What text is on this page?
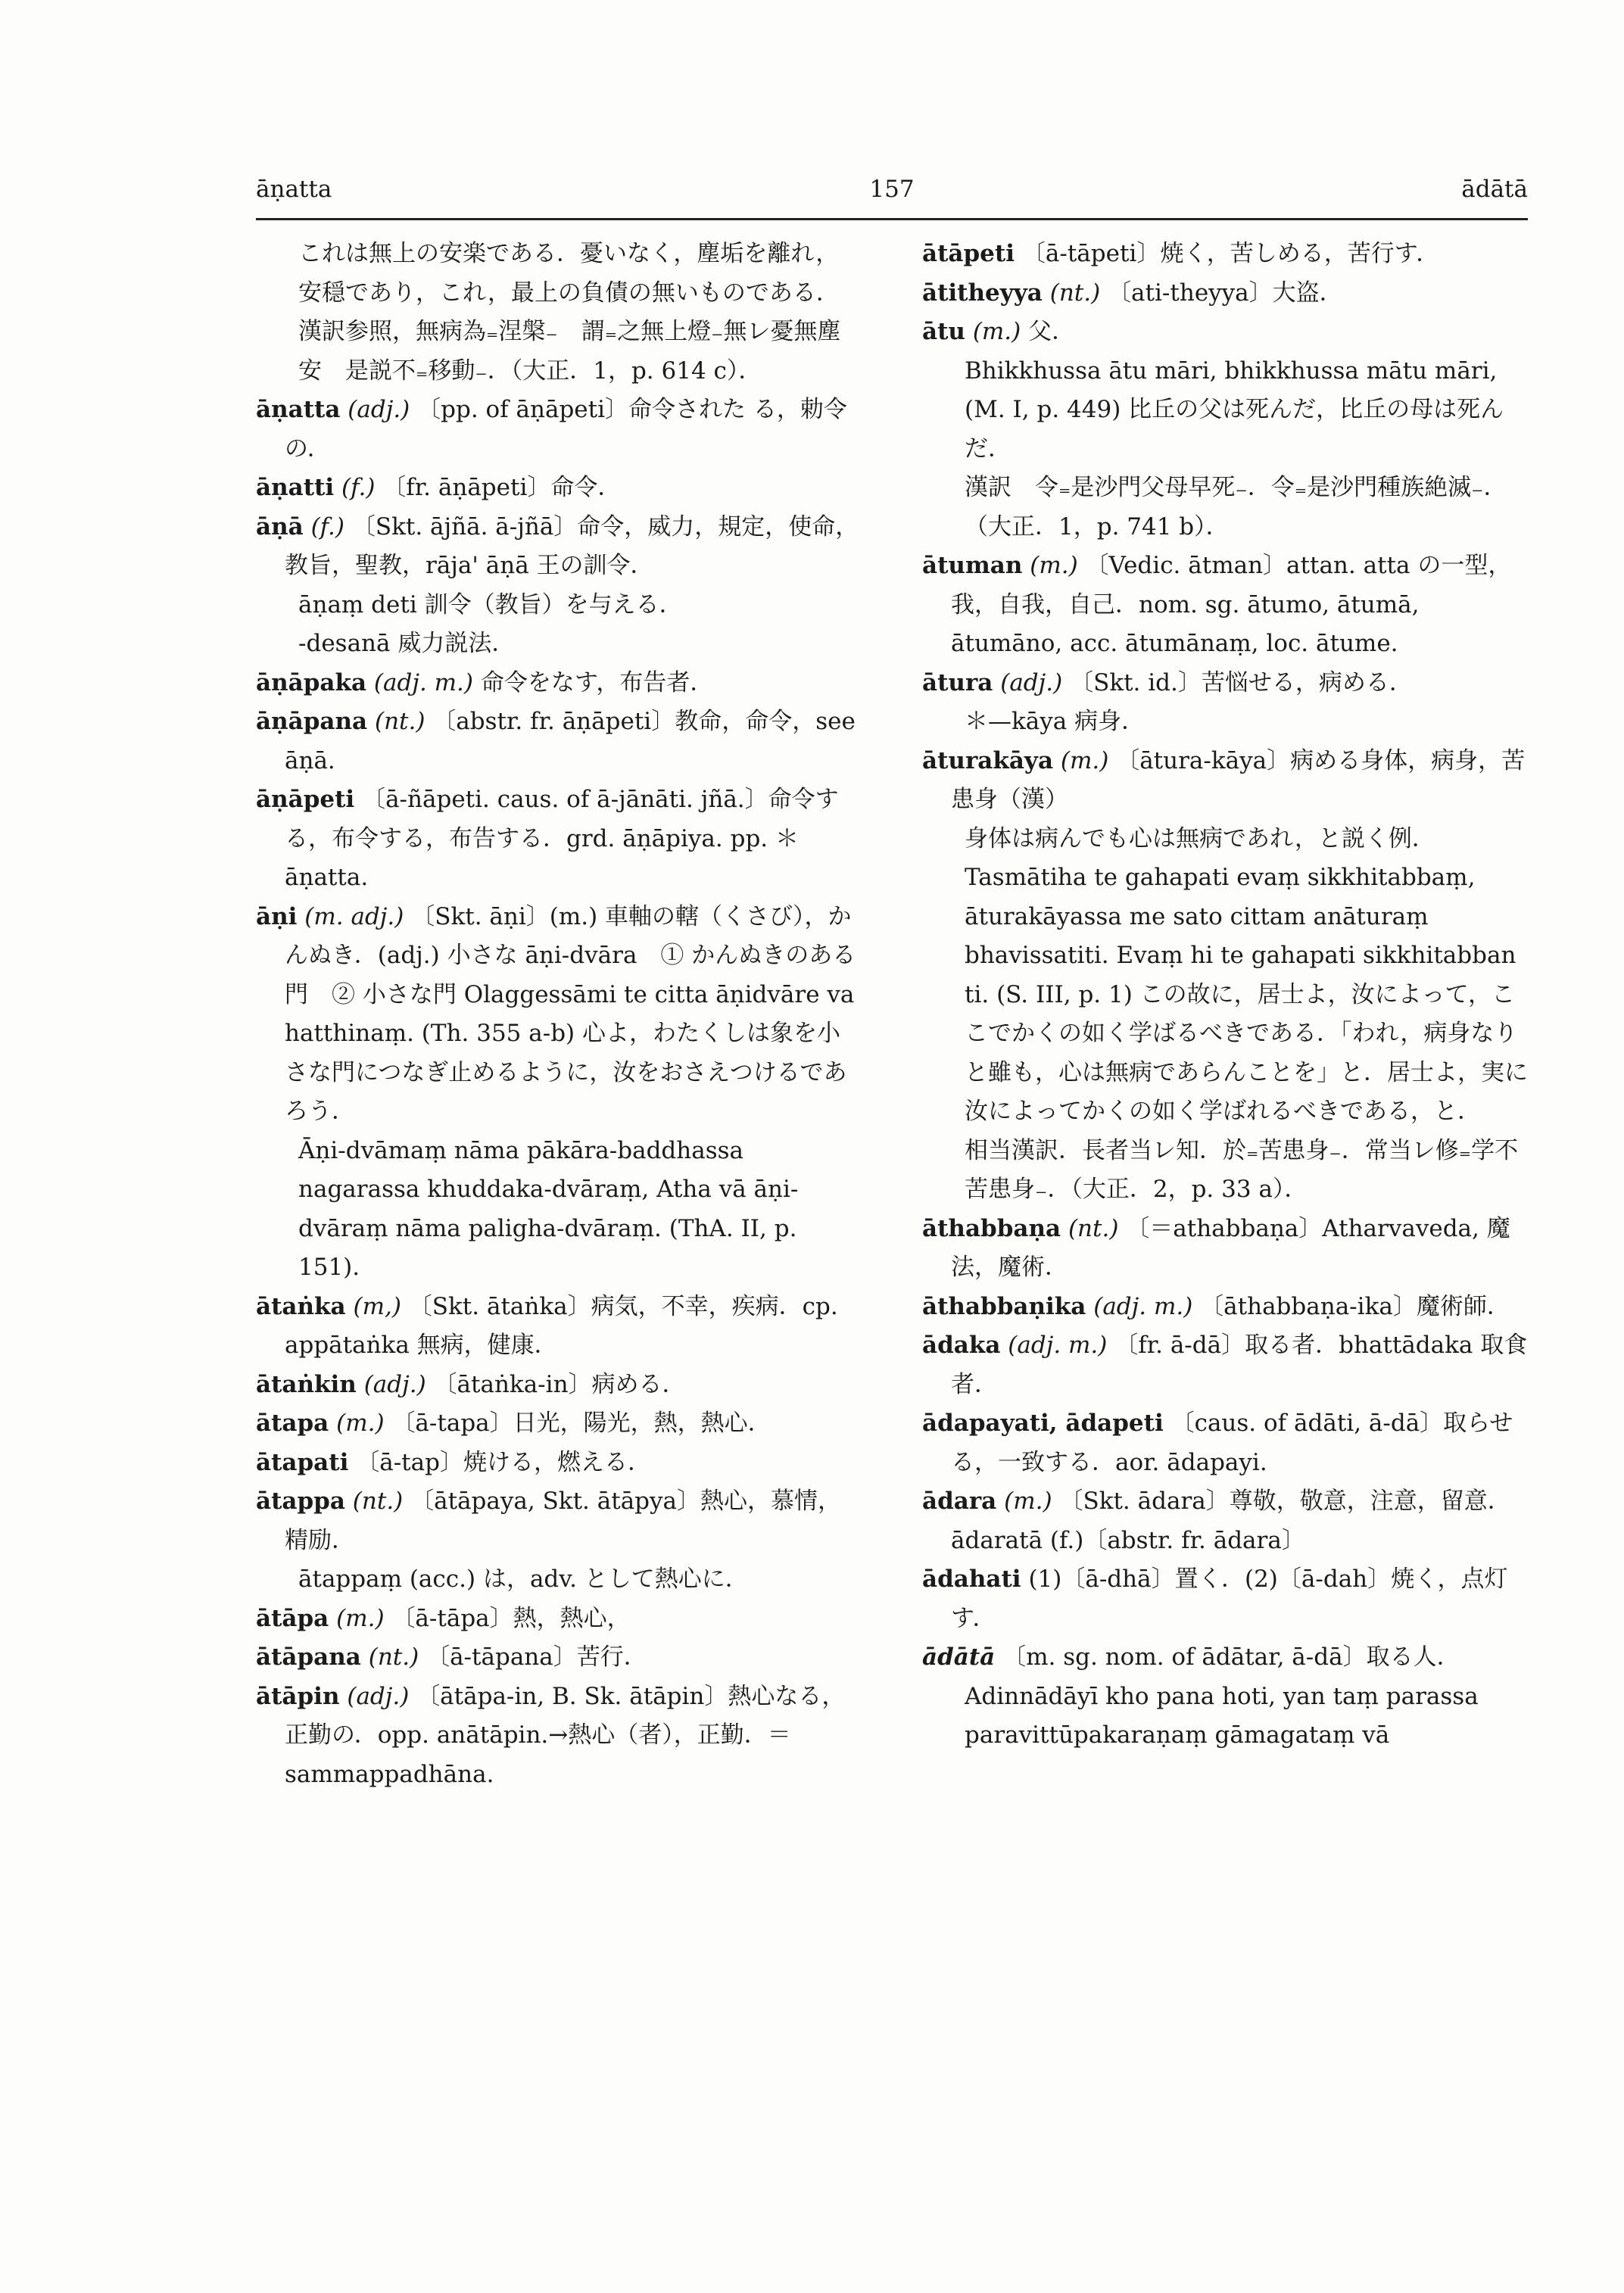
āṇatta	157	ādātā

これは無上の安楽である．憂いなく，塵垢を離れ，安穏であり，これ，最上の負債の無いものである．

漢訳参照，無病為₌涅槃₋　謂₌之無上燈₋無レ憂無塵安　是説不₌移動₋．（大正．1，p. 614 c）．

āṇatta (adj.) 〔pp. of āṇāpeti〕命令された る，勅令の．

āṇatti (f.) 〔fr. āṇāpeti〕命令．

āṇā (f.) 〔Skt. ājñā. ā-jñā〕命令，威力，規定，使命，教旨，聖教，rāja' āṇā 王の訓令．

āṇaṃ deti 訓令（教旨）を与える．

-desanā 威力説法．

āṇāpaka (adj. m.) 命令をなす，布告者．

āṇāpana (nt.) 〔abstr. fr. āṇāpeti〕教命，命令，see āṇā.

āṇāpeti 〔ā-ñāpeti. caus. of ā-jānāti. jñā.〕命令する，布令する，布告する．grd. āṇāpiya. pp. ＊āṇatta.

āṇi (m. adj.) 〔Skt. āṇi〕(m.) 車軸の轄（くさび），かんぬき．(adj.) 小さな āṇi-dvāra　① かんぬきのある門　② 小さな門 Olaggessāmi te citta āṇidvāre va hatthinaṃ. (Th. 355 a-b) 心よ，わたくしは象を小さな門につなぎ止めるように，汝をおさえつけるであろう．

Āṇi-dvāmaṃ nāma pākāra-baddhassa nagarassa khuddaka-dvāraṃ, Atha vā āṇi-dvāraṃ nāma paligha-dvāraṃ. (ThA. II, p. 151).

ātaṅka (m,) 〔Skt. ātaṅka〕病気，不幸，疾病．cp. appātaṅka 無病，健康．

ātaṅkin (adj.) 〔ātaṅka-in〕病める．

ātapa (m.) 〔ā-tapa〕日光，陽光，熱，熱心．

ātapati 〔ā-tap〕焼ける，燃える．

ātappa (nt.) 〔ātāpaya, Skt. ātāpya〕熱心，慕情，精励．

ātappaṃ (acc.) は，adv. として熱心に．

ātāpa (m.) 〔ā-tāpa〕熱，熱心，

ātāpana (nt.) 〔ā-tāpana〕苦行．

ātāpin (adj.) 〔ātāpa-in, B. Sk. ātāpin〕熱心なる，正勤の．opp. anātāpin.→熱心（者），正勤．＝sammappadhāna.

ātāpeti 〔ā-tāpeti〕焼く，苦しめる，苦行す．

ātitheyya (nt.) 〔ati-theyya〕大盗．

ātu (m.) 父．

Bhikkhussa ātu māri, bhikkhussa mātu māri, (M. I, p. 449) 比丘の父は死んだ，比丘の母は死んだ．

漢訳　令₌是沙門父母早死₋．令₌是沙門種族絶滅₋．（大正．1，p. 741 b）．

ātuman (m.) 〔Vedic. ātman〕attan. atta の一型，我，自我，自己．nom. sg. ātumo, ātumā, ātumāno, acc. ātumānaṃ, loc. ātume.

ātura (adj.) 〔Skt. id.〕苦悩せる，病める．

＊—kāya 病身．

āturakāya (m.) 〔ātura-kāya〕病める身体，病身，苦患身（漢）

身体は病んでも心は無病であれ，と説く例．

Tasmātiha te gahapati evaṃ sikkhitabbaṃ, āturakāyassa me sato cittam anāturaṃ bhavissatiti. Evaṃ hi te gahapati sikkhitabban ti. (S. III, p. 1) この故に，居士よ，汝によって，ここでかくの如く学ばるべきである．「われ，病身なりと雖も，心は無病であらんことを」と．居士よ，実に汝によってかくの如く学ばれるべきである，と．

相当漢訳．長者当レ知．於₌苦患身₋．常当レ修₌学不苦患身₋．（大正．2，p. 33 a）．

āthabbaṇa (nt.) 〔＝athabbaṇa〕Atharvaveda, 魔法，魔術．

āthabbaṇika (adj. m.) 〔āthabbaṇa-ika〕魔術師．

ādaka (adj. m.) 〔fr. ā-dā〕取る者．bhattādaka 取食者．

ādapayati, ādapeti 〔caus. of ādāti, ā-dā〕取らせる，一致する．aor. ādapayi.

ādara (m.) 〔Skt. ādara〕尊敬，敬意，注意，留意．ādaratā (f.)〔abstr. fr. ādara〕

ādahati (1)〔ā-dhā〕置く．(2)〔ā-dah〕焼く，点灯す．

ādātā 〔m. sg. nom. of ādātar, ā-dā〕取る人．

Adinnādāyī kho pana hoti, yan taṃ parassa paravittūpakaraṇaṃ gāmagataṃ vā
